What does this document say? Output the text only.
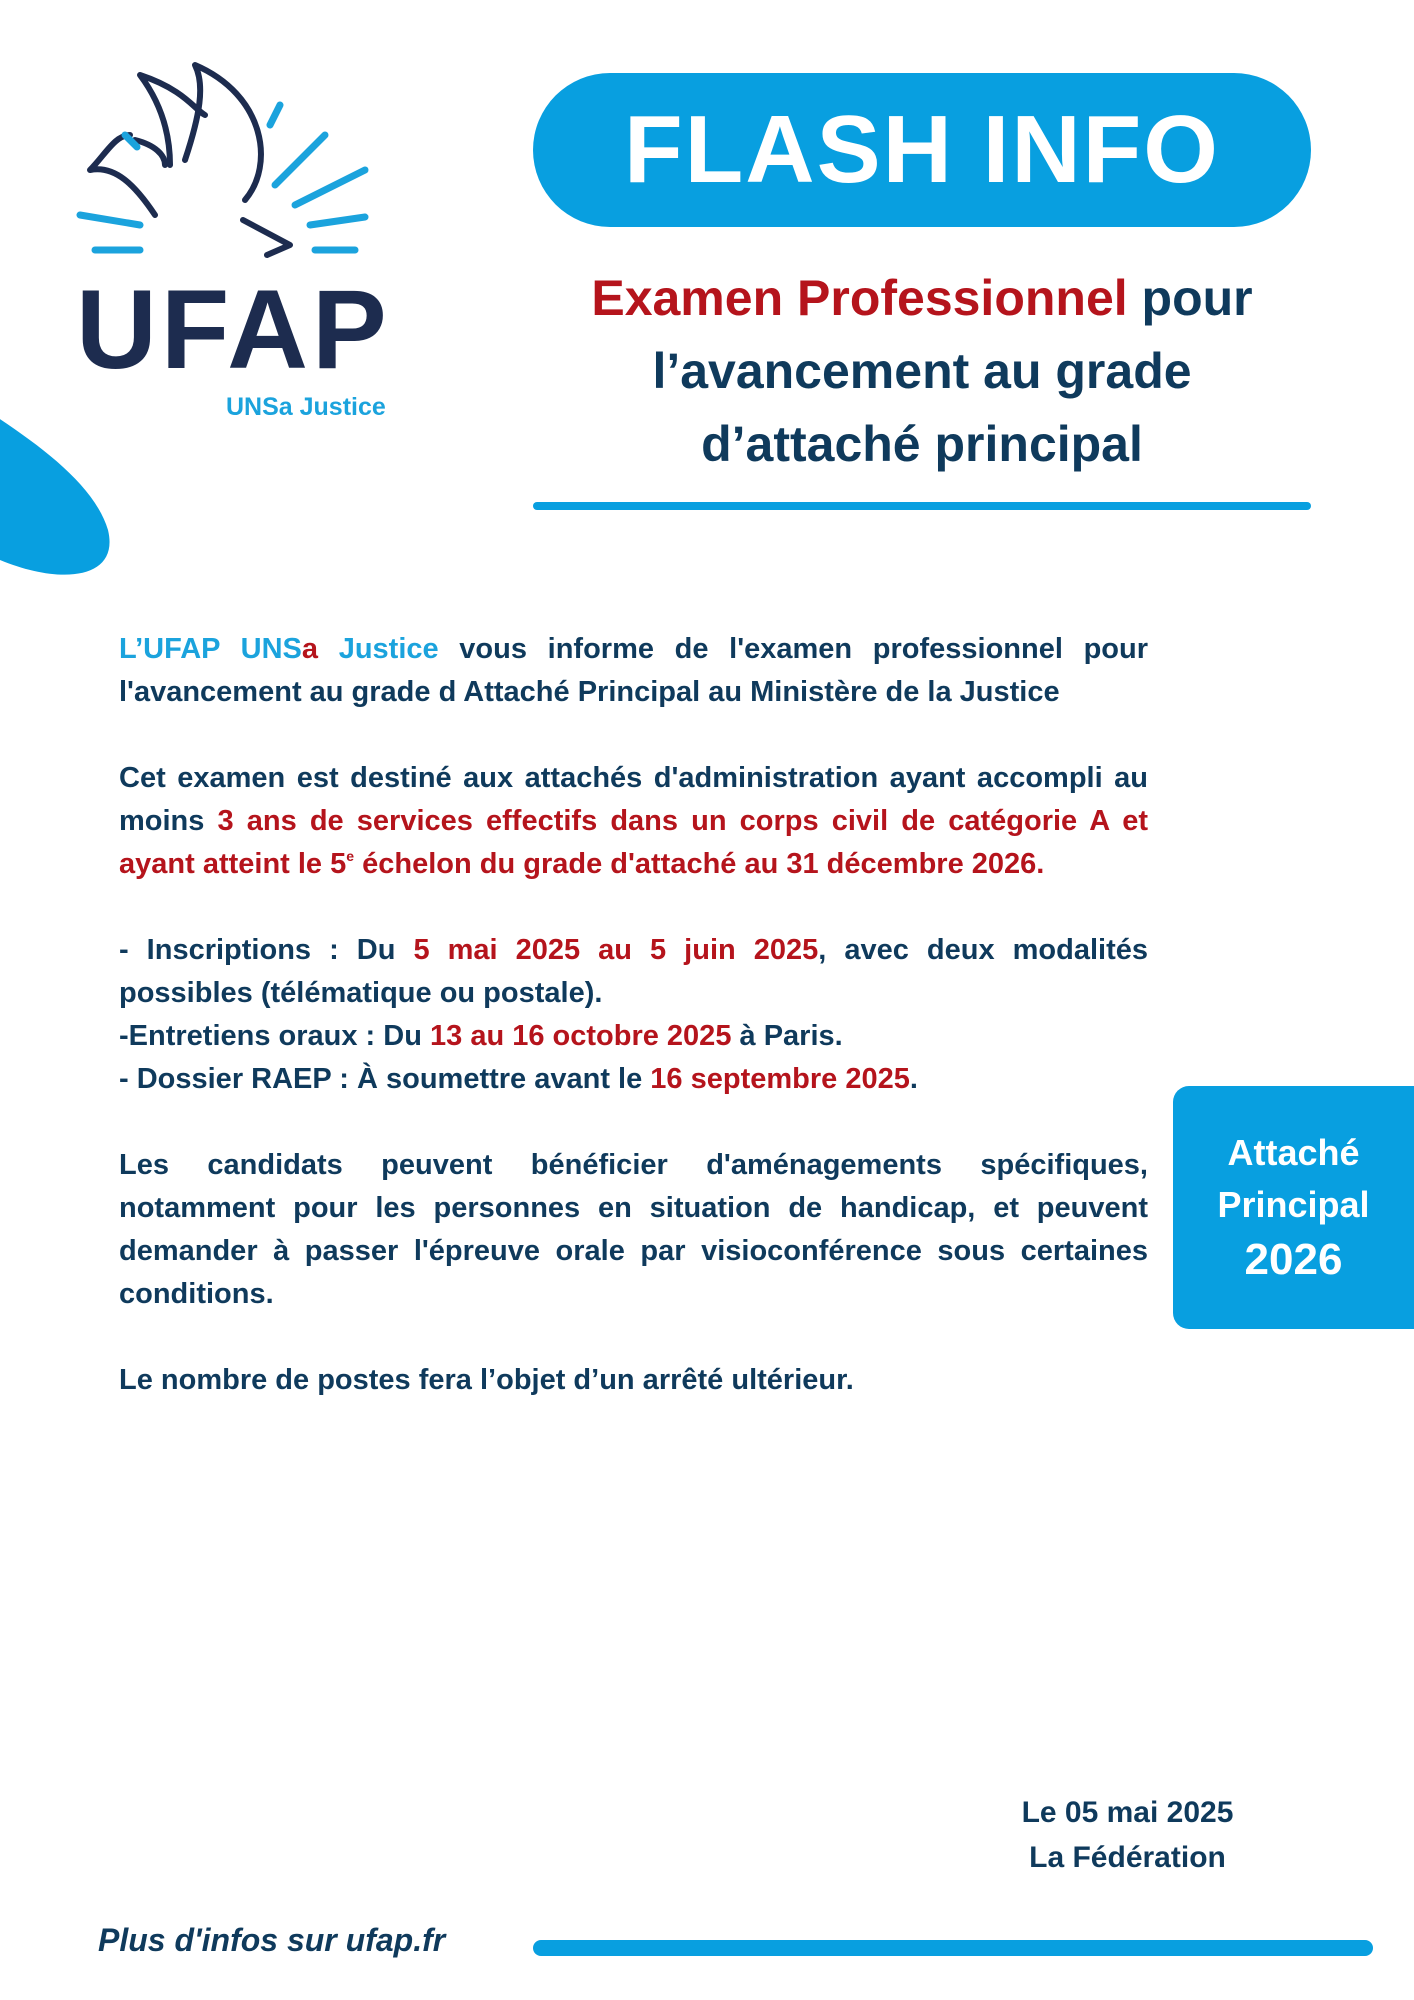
UFAP
UNSa Justice
FLASH INFO
Examen Professionnel pour
l’avancement au grade
d’attaché principal

L’UFAP UNSa Justice vous informe de l'examen professionnel pour l'avancement au grade d Attaché Principal au Ministère de la Justice

Cet examen est destiné aux attachés d'administration ayant accompli au moins 3 ans de services effectifs dans un corps civil de catégorie A et ayant atteint le 5e échelon du grade d'attaché au 31 décembre 2026.

- Inscriptions : Du 5 mai 2025 au 5 juin 2025, avec deux modalités possibles (télématique ou postale).

-Entretiens oraux : Du 13 au 16 octobre 2025 à Paris.

- Dossier RAEP : À soumettre avant le 16 septembre 2025.

Les candidats peuvent bénéficier d'aménagements spécifiques, notamment pour les personnes en situation de handicap, et peuvent demander à passer l'épreuve orale par visioconférence sous certaines conditions.

Le nombre de postes fera l’objet d’un arrêté ultérieur.

Attaché
Principal
2026
Le 05 mai 2025
La Fédération
Plus d'infos sur ufap.fr
